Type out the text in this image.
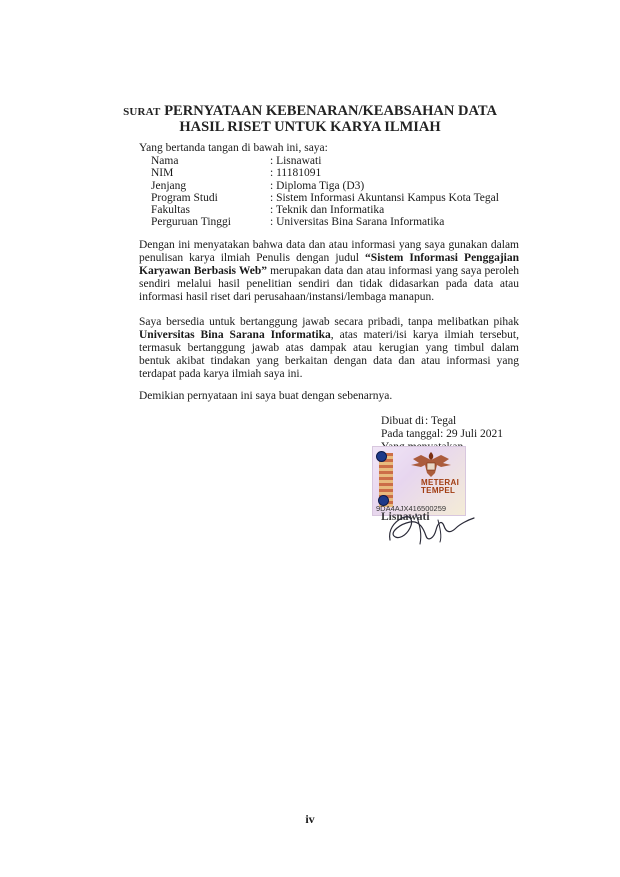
SURAT PERNYATAAN KEBENARAN/KEABSAHAN DATA
HASIL RISET UNTUK KARYA ILMIAH
Yang bertanda tangan di bawah ini, saya:
Nama	: Lisnawati
NIM	: 11181091
Jenjang	: Diploma Tiga (D3)
Program Studi	: Sistem Informasi Akuntansi Kampus Kota Tegal
Fakultas	: Teknik dan Informatika
Perguruan Tinggi	: Universitas Bina Sarana Informatika
Dengan ini menyatakan bahwa data dan atau informasi yang saya gunakan dalam penulisan karya ilmiah Penulis dengan judul “Sistem Informasi Penggajian Karyawan Berbasis Web” merupakan data dan atau informasi yang saya peroleh sendiri melalui hasil penelitian sendiri dan tidak didasarkan pada data atau informasi hasil riset dari perusahaan/instansi/lembaga manapun.
Saya bersedia untuk bertanggung jawab secara pribadi, tanpa melibatkan pihak Universitas Bina Sarana Informatika, atas materi/isi karya ilmiah tersebut, termasuk bertanggung jawab atas dampak atau kerugian yang timbul dalam bentuk akibat tindakan yang berkaitan dengan data dan atau informasi yang terdapat pada karya ilmiah saya ini.
Demikian pernyataan ini saya buat dengan sebenarnya.
Dibuat di : Tegal
Pada tanggal: 29 Juli 2021
METERAI
TEMPEL
9DA4AJX416500259
Lisnawati
iv
